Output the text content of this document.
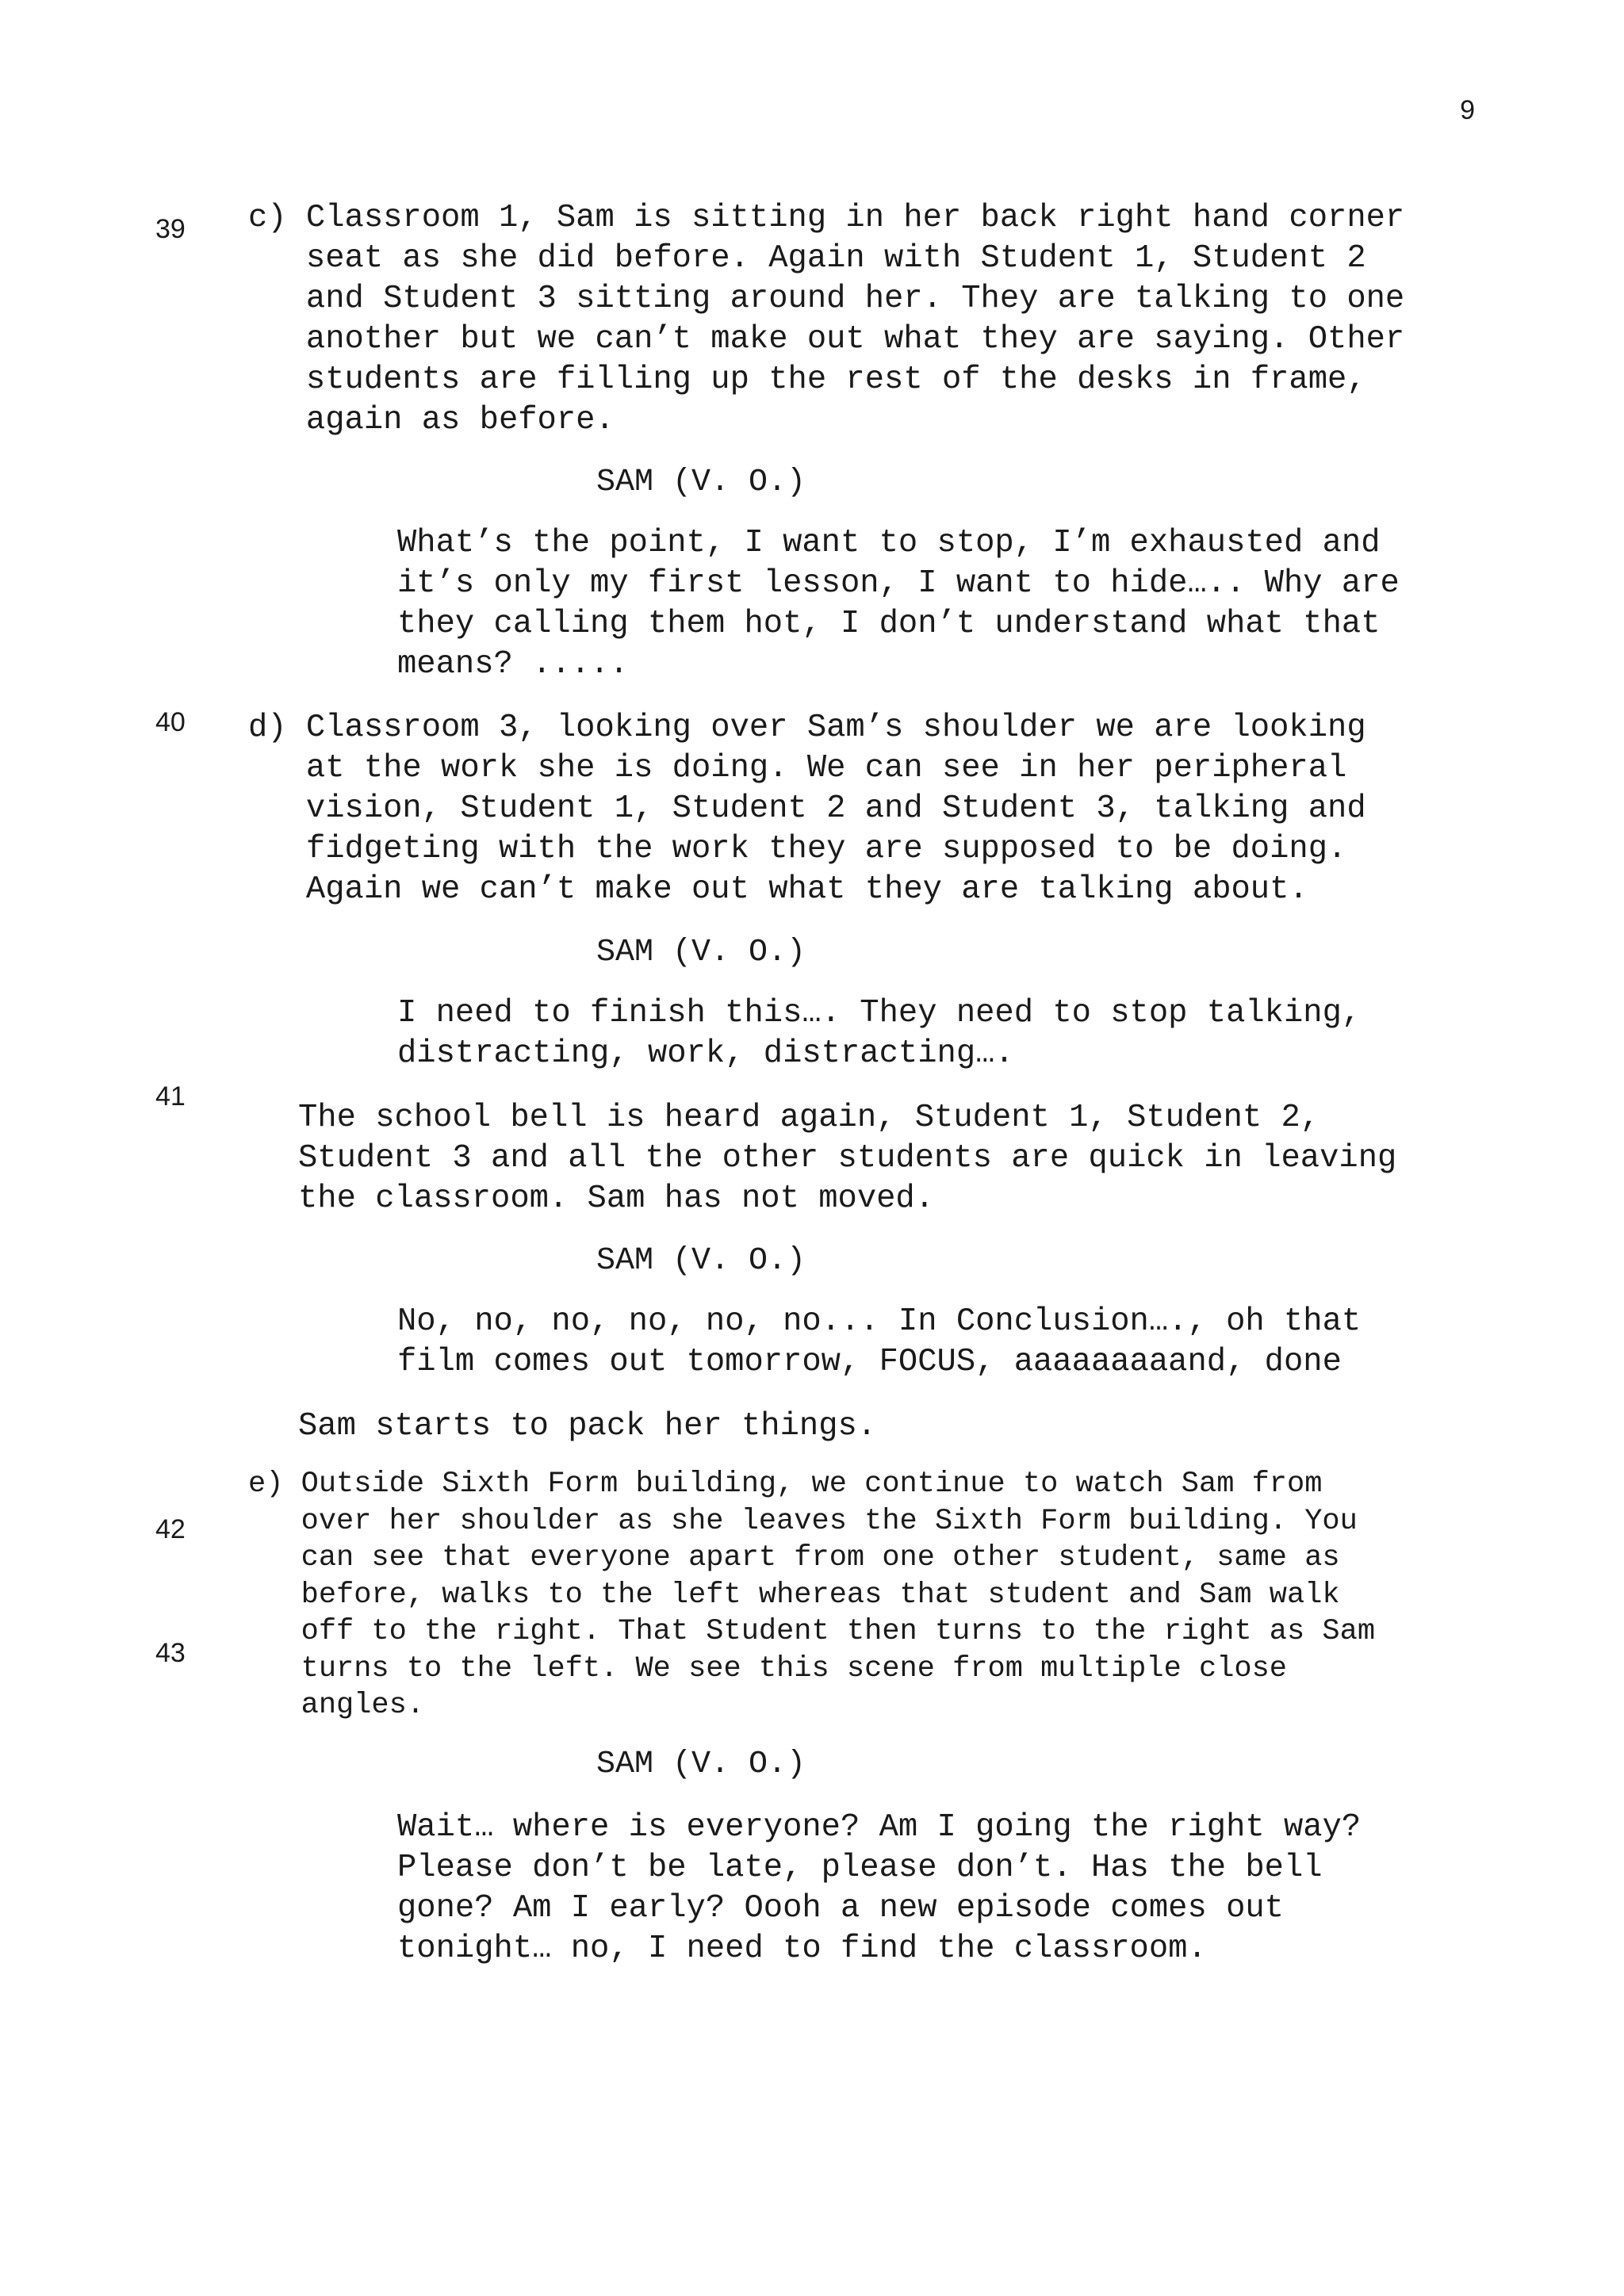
9
39
40
41
42
43
c) Classroom 1, Sam is sitting in her back right hand corner
seat as she did before. Again with Student 1, Student 2
and Student 3 sitting around her. They are talking to one
another but we can’t make out what they are saying. Other
students are filling up the rest of the desks in frame,
again as before.
SAM (V. O.)
What’s the point, I want to stop, I’m exhausted and
it’s only my first lesson, I want to hide….. Why are
they calling them hot, I don’t understand what that
means? .....
d) Classroom 3, looking over Sam’s shoulder we are looking
at the work she is doing. We can see in her peripheral
vision, Student 1, Student 2 and Student 3, talking and
fidgeting with the work they are supposed to be doing.
Again we can’t make out what they are talking about.
SAM (V. O.)
I need to finish this…. They need to stop talking,
distracting, work, distracting….
The school bell is heard again, Student 1, Student 2,
Student 3 and all the other students are quick in leaving
the classroom. Sam has not moved.
SAM (V. O.)
No, no, no, no, no, no... In Conclusion…., oh that
film comes out tomorrow, FOCUS, aaaaaaaaand, done
Sam starts to pack her things.
e) Outside Sixth Form building, we continue to watch Sam from
over her shoulder as she leaves the Sixth Form building. You
can see that everyone apart from one other student, same as
before, walks to the left whereas that student and Sam walk
off to the right. That Student then turns to the right as Sam
turns to the left. We see this scene from multiple close
angles.
SAM (V. O.)
Wait… where is everyone? Am I going the right way?
Please don’t be late, please don’t. Has the bell
gone? Am I early? Oooh a new episode comes out
tonight… no, I need to find the classroom.
